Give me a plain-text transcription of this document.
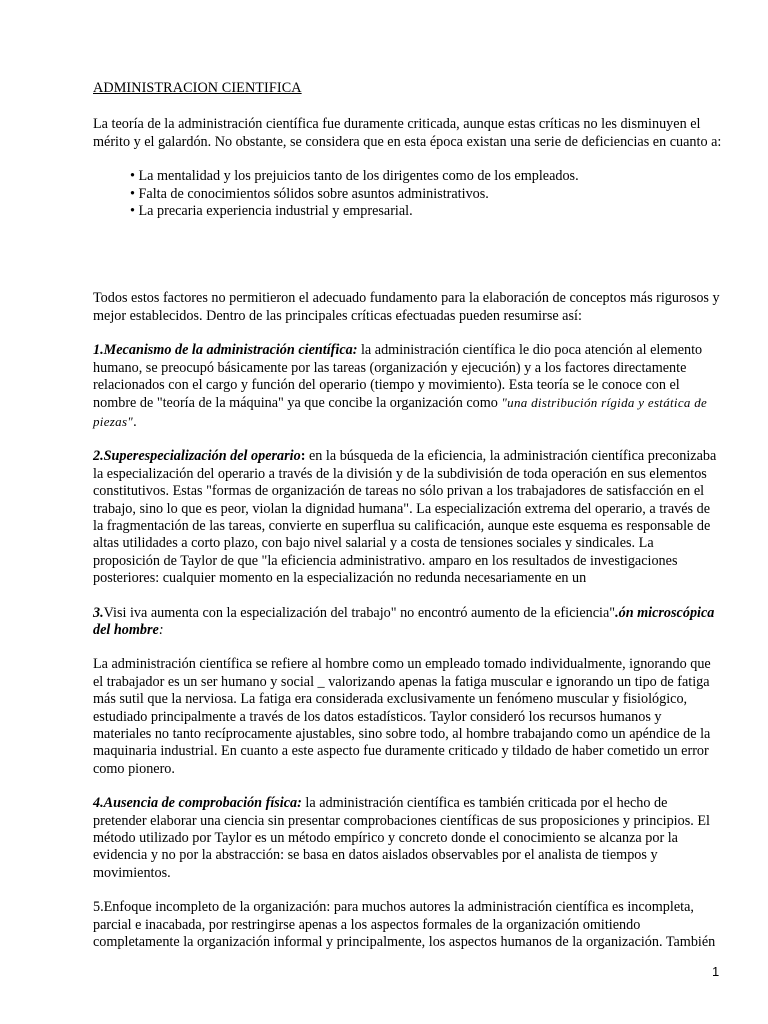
ADMINISTRACION CIENTIFICA

La teoría de la administración científica fue duramente criticada, aunque estas críticas no les disminuyen el mérito y el galardón. No obstante, se considera que en esta época existan una serie de deficiencias en cuanto a:

• La mentalidad y los prejuicios tanto de los dirigentes como de los empleados.
• Falta de conocimientos sólidos sobre asuntos administrativos.
• La precaria experiencia industrial y empresarial.

Todos estos factores no permitieron el adecuado fundamento para la elaboración de conceptos más rigurosos y mejor establecidos. Dentro de las principales críticas efectuadas pueden resumirse así:

1.Mecanismo de la administración científica: la administración científica le dio poca atención al elemento humano, se preocupó básicamente por las tareas (organización y ejecución) y a los factores directamente relacionados con el cargo y función del operario (tiempo y movimiento). Esta teoría se le conoce con el nombre de "teoría de la máquina" ya que concibe la organización como "una distribución rígida y estática de piezas".

2.Superespecialización del operario: en la búsqueda de la eficiencia, la administración científica preconizaba la especialización del operario a través de la división y de la subdivisión de toda operación en sus elementos constitutivos. Estas "formas de organización de tareas no sólo privan a los trabajadores de satisfacción en el trabajo, sino lo que es peor, violan la dignidad humana". La especialización extrema del operario, a través de la fragmentación de las tareas, convierte en superflua su calificación, aunque este esquema es responsable de altas utilidades a corto plazo, con bajo nivel salarial y a costa de tensiones sociales y sindicales. La proposición de Taylor de que "la eficiencia administrativo. amparo en los resultados de investigaciones posteriores: cualquier momento en la especialización no redunda necesariamente en un

3.Visi iva aumenta con la especialización del trabajo" no encontró aumento de la eficiencia".ón microscópica del hombre:

La administración científica se refiere al hombre como un empleado tomado individualmente, ignorando que el trabajador es un ser humano y social _ valorizando apenas la fatiga muscular e ignorando un tipo de fatiga más sutil que la nerviosa. La fatiga era considerada exclusivamente un fenómeno muscular y fisiológico, estudiado principalmente a través de los datos estadísticos. Taylor consideró los recursos humanos y materiales no tanto recíprocamente ajustables, sino sobre todo, al hombre trabajando como un apéndice de la maquinaria industrial. En cuanto a este aspecto fue duramente criticado y tildado de haber cometido un error como pionero.

4.Ausencia de comprobación física: la administración científica es también criticada por el hecho de pretender elaborar una ciencia sin presentar comprobaciones científicas de sus proposiciones y principios. El método utilizado por Taylor es un método empírico y concreto donde el conocimiento se alcanza por la evidencia y no por la abstracción: se basa en datos aislados observables por el analista de tiempos y movimientos.

5.Enfoque incompleto de la organización: para muchos autores la administración científica es incompleta, parcial e inacabada, por restringirse apenas a los aspectos formales de la organización omitiendo completamente la organización informal y principalmente, los aspectos humanos de la organización. También

1
